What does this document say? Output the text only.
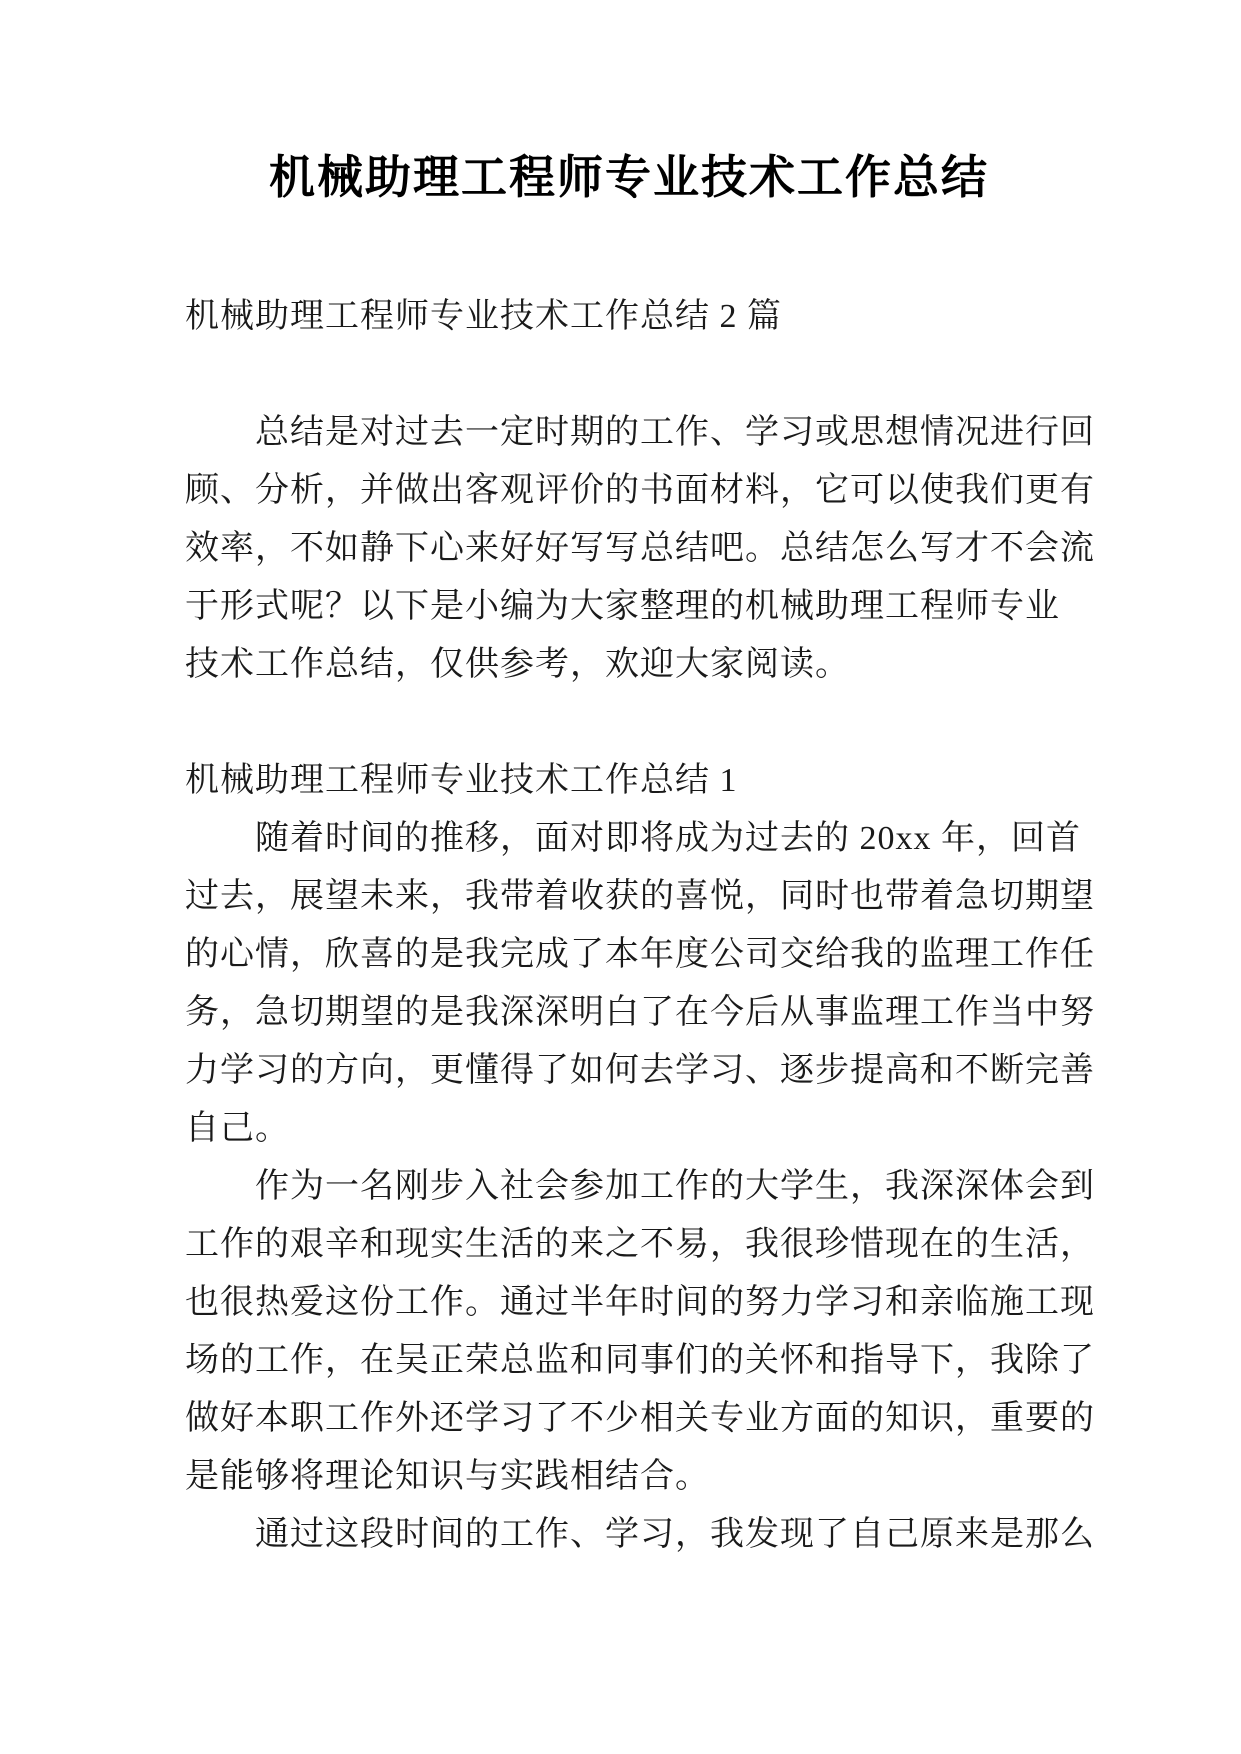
机械助理工程师专业技术工作总结
机械助理工程师专业技术工作总结 2 篇
总结是对过去一定时期的工作、学习或思想情况进行回
顾、分析，并做出客观评价的书面材料，它可以使我们更有
效率，不如静下心来好好写写总结吧。总结怎么写才不会流
于形式呢？以下是小编为大家整理的机械助理工程师专业
技术工作总结，仅供参考，欢迎大家阅读。
机械助理工程师专业技术工作总结 1
随着时间的推移，面对即将成为过去的 20xx 年，回首
过去，展望未来，我带着收获的喜悦，同时也带着急切期望
的心情，欣喜的是我完成了本年度公司交给我的监理工作任
务，急切期望的是我深深明白了在今后从事监理工作当中努
力学习的方向，更懂得了如何去学习、逐步提高和不断完善
自己。
作为一名刚步入社会参加工作的大学生，我深深体会到
工作的艰辛和现实生活的来之不易，我很珍惜现在的生活，
也很热爱这份工作。通过半年时间的努力学习和亲临施工现
场的工作，在吴正荣总监和同事们的关怀和指导下，我除了
做好本职工作外还学习了不少相关专业方面的知识，重要的
是能够将理论知识与实践相结合。
通过这段时间的工作、学习，我发现了自己原来是那么
